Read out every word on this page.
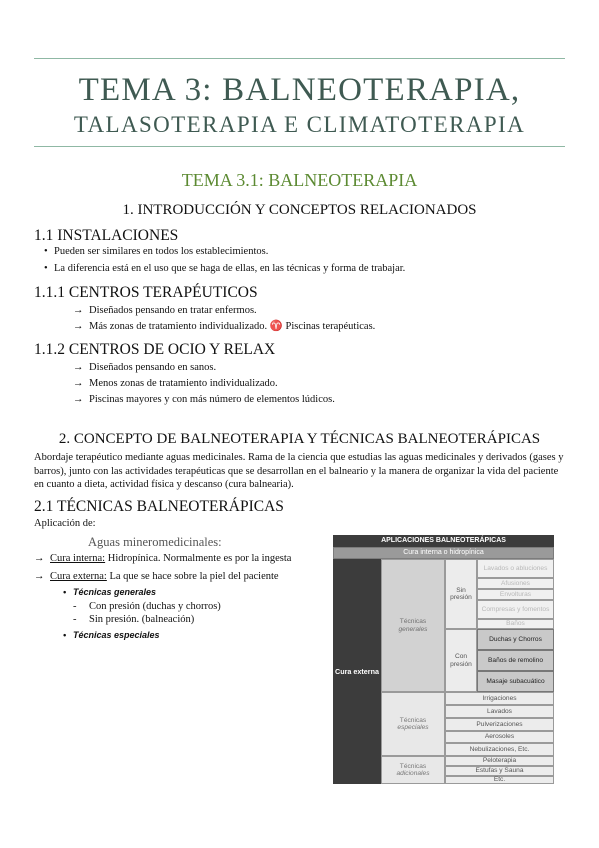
TEMA 3: BALNEOTERAPIA,
TALASOTERAPIA E CLIMATOTERAPIA
TEMA 3.1: BALNEOTERAPIA
1. INTRODUCCIÓN Y CONCEPTOS RELACIONADOS
1.1 INSTALACIONES
• Pueden ser similares en todos los establecimientos.
• La diferencia está en el uso que se haga de ellas, en las técnicas y forma de trabajar.
1.1.1 CENTROS TERAPÉUTICOS
→ Diseñados pensando en tratar enfermos.
→ Más zonas de tratamiento individualizado. ♈ Piscinas terapéuticas.
1.1.2 CENTROS DE OCIO Y RELAX
→ Diseñados pensando en sanos.
→ Menos zonas de tratamiento individualizado.
→ Piscinas mayores y con más número de elementos lúdicos.
2. CONCEPTO DE BALNEOTERAPIA Y TÉCNICAS BALNEOTERÁPICAS
Abordaje terapéutico mediante aguas medicinales. Rama de la ciencia que estudias las aguas medicinales y derivados (gases y barros), junto con las actividades terapéuticas que se desarrollan en el balneario y la manera de organizar la vida del paciente en cuanto a dieta, actividad física y descanso (cura balnearia).
2.1 TÉCNICAS BALNEOTERÁPICAS
Aplicación de:
Aguas mineromedicinales:
→ Cura interna: Hidropínica. Normalmente es por la ingesta
→ Cura externa: La que se hace sobre la piel del paciente
• Técnicas generales
- Con presión (duchas y chorros)
- Sin presión. (balneación)
• Técnicas especiales
APLICACIONES BALNEOTERÁPICAS
Cura interna o hidropínica
Cura externa
Técnicas
generales
Técnicas
especiales
Técnicas
adicionales
Sin presión
Con presión
Lavados o abluciones
Afusiones
Envolturas
Compresas y fomentos
Baños
Duchas y Chorros
Baños de remolino
Masaje subacuático
Irrigaciones
Lavados
Pulverizaciones
Aerosoles
Nebulizaciones, Etc.
Peloterapia
Estufas y Sauna
Etc.
